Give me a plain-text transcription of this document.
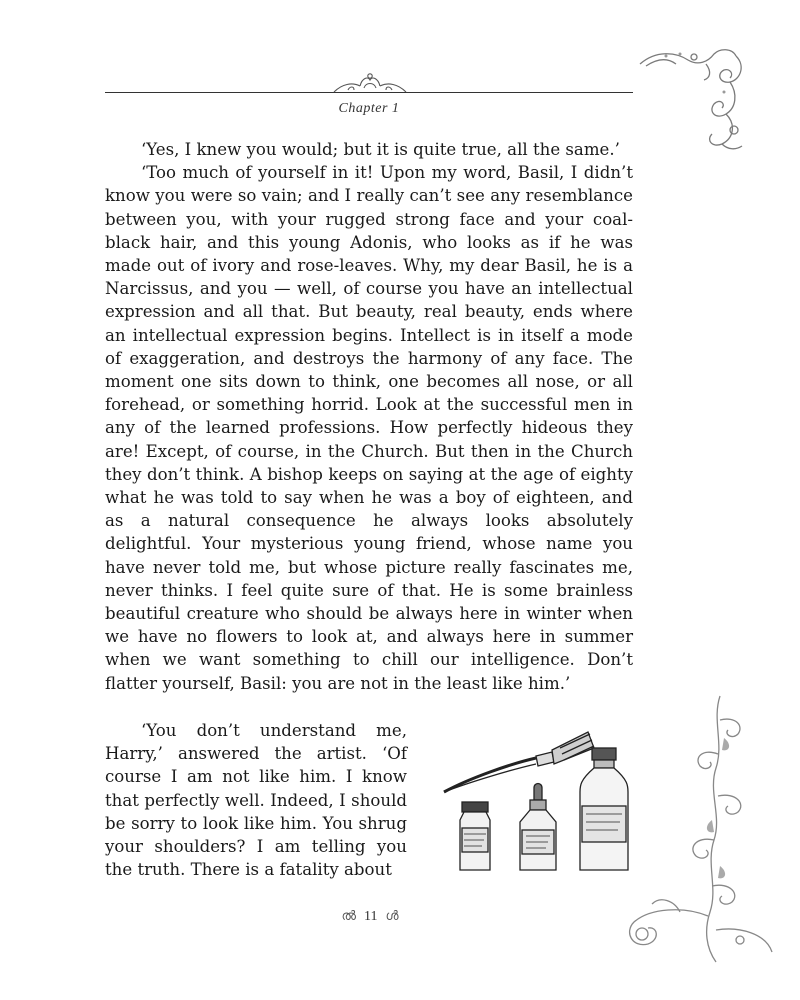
Chapter 1

‘Yes, I knew you would; but it is quite true, all the same.’

‘Too much of yourself in it! Upon my word, Basil, I didn’t know you were so vain; and I really can’t see any resemblance between you, with your rugged strong face and your coal-black hair, and this young Adonis, who looks as if he was made out of ivory and rose-leaves. Why, my dear Basil, he is a Narcissus, and you — well, of course you have an intellectual expression and all that. But beauty, real beauty, ends where an intellectual expression begins. Intellect is in itself a mode of exaggeration, and destroys the harmony of any face. The moment one sits down to think, one becomes all nose, or all forehead, or something horrid. Look at the successful men in any of the learned professions. How perfectly hideous they are! Except, of course, in the Church. But then in the Church they don’t think. A bishop keeps on saying at the age of eighty what he was told to say when he was a boy of eighteen, and as a natural consequence he always looks absolutely delightful. Your mysterious young friend, whose name you have never told me, but whose picture really fascinates me, never thinks. I feel quite sure of that. He is some brainless beautiful creature who should be always here in winter when we have no flowers to look at, and always here in summer when we want something to chill our intelligence. Don’t flatter yourself, Basil: you are not in the least like him.’

‘You don’t understand me, Harry,’ answered the artist. ‘Of course I am not like him. I know that perfectly well. Indeed, I should be sorry to look like him. You shrug your shoulders? I am telling you the truth. There is a fatality about

ൽ 11 ൾ
